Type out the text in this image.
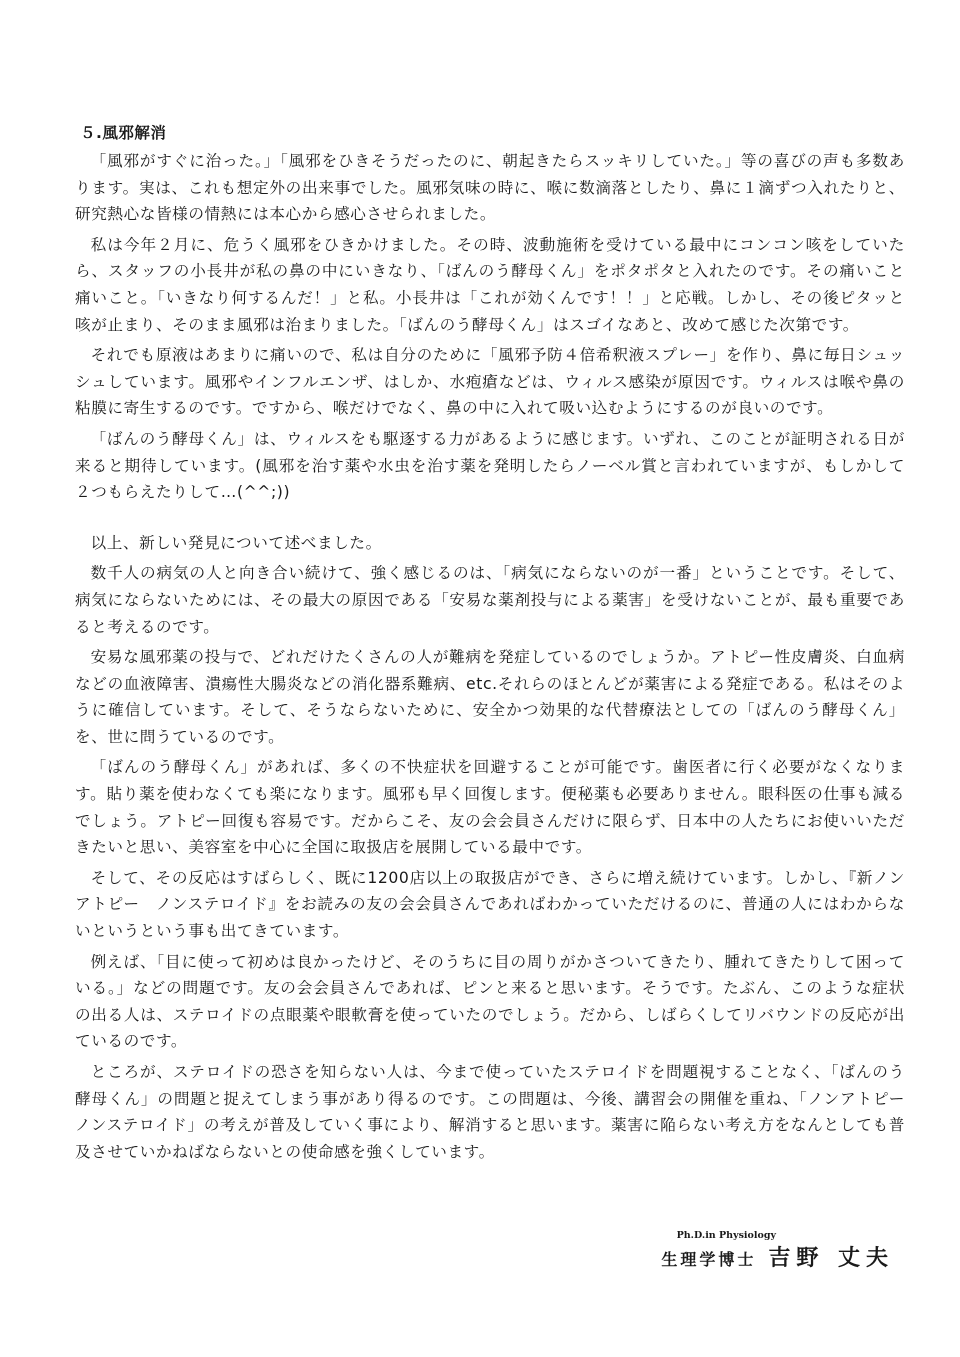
５.風邪解消

「風邪がすぐに治った。」「風邪をひきそうだったのに、朝起きたらスッキリしていた。」等の喜びの声も多数あります。実は、これも想定外の出来事でした。風邪気味の時に、喉に数滴落としたり、鼻に１滴ずつ入れたりと、研究熱心な皆様の情熱には本心から感心させられました。

私は今年２月に、危うく風邪をひきかけました。その時、波動施術を受けている最中にコンコン咳をしていたら、スタッフの小長井が私の鼻の中にいきなり、「ばんのう酵母くん」をポタポタと入れたのです。その痛いこと痛いこと。「いきなり何するんだ！」と私。小長井は「これが効くんです！！」と応戦。しかし、その後ピタッと咳が止まり、そのまま風邪は治まりました。「ばんのう酵母くん」はスゴイなあと、改めて感じた次第です。

それでも原液はあまりに痛いので、私は自分のために「風邪予防４倍希釈液スプレー」を作り、鼻に毎日シュッシュしています。風邪やインフルエンザ、はしか、水疱瘡などは、ウィルス感染が原因です。ウィルスは喉や鼻の粘膜に寄生するのです。ですから、喉だけでなく、鼻の中に入れて吸い込むようにするのが良いのです。

「ばんのう酵母くん」は、ウィルスをも駆逐する力があるように感じます。いずれ、このことが証明される日が来ると期待しています。(風邪を治す薬や水虫を治す薬を発明したらノーベル賞と言われていますが、もしかして２つもらえたりして…(^^;))

以上、新しい発見について述べました。

数千人の病気の人と向き合い続けて、強く感じるのは、「病気にならないのが一番」ということです。そして、病気にならないためには、その最大の原因である「安易な薬剤投与による薬害」を受けないことが、最も重要であると考えるのです。

安易な風邪薬の投与で、どれだけたくさんの人が難病を発症しているのでしょうか。アトピー性皮膚炎、白血病などの血液障害、潰瘍性大腸炎などの消化器系難病、etc.それらのほとんどが薬害による発症である。私はそのように確信しています。そして、そうならないために、安全かつ効果的な代替療法としての「ばんのう酵母くん」を、世に問うているのです。

「ばんのう酵母くん」があれば、多くの不快症状を回避することが可能です。歯医者に行く必要がなくなります。貼り薬を使わなくても楽になります。風邪も早く回復します。便秘薬も必要ありません。眼科医の仕事も減るでしょう。アトピー回復も容易です。だからこそ、友の会会員さんだけに限らず、日本中の人たちにお使いいただきたいと思い、美容室を中心に全国に取扱店を展開している最中です。

そして、その反応はすばらしく、既に1200店以上の取扱店ができ、さらに増え続けています。しかし、『新ノンアトピー　ノンステロイド』をお読みの友の会会員さんであればわかっていただけるのに、普通の人にはわからないというという事も出てきています。

例えば、「目に使って初めは良かったけど、そのうちに目の周りがかさついてきたり、腫れてきたりして困っている。」などの問題です。友の会会員さんであれば、ピンと来ると思います。そうです。たぶん、このような症状の出る人は、ステロイドの点眼薬や眼軟膏を使っていたのでしょう。だから、しばらくしてリバウンドの反応が出ているのです。

ところが、ステロイドの恐さを知らない人は、今まで使っていたステロイドを問題視することなく、「ばんのう酵母くん」の問題と捉えてしまう事があり得るのです。この問題は、今後、講習会の開催を重ね、「ノンアトピー　ノンステロイド」の考えが普及していく事により、解消すると思います。薬害に陥らない考え方をなんとしても普及させていかねばならないとの使命感を強くしています。

Ph.D.in Physiology
生理学博士 吉野 丈夫
